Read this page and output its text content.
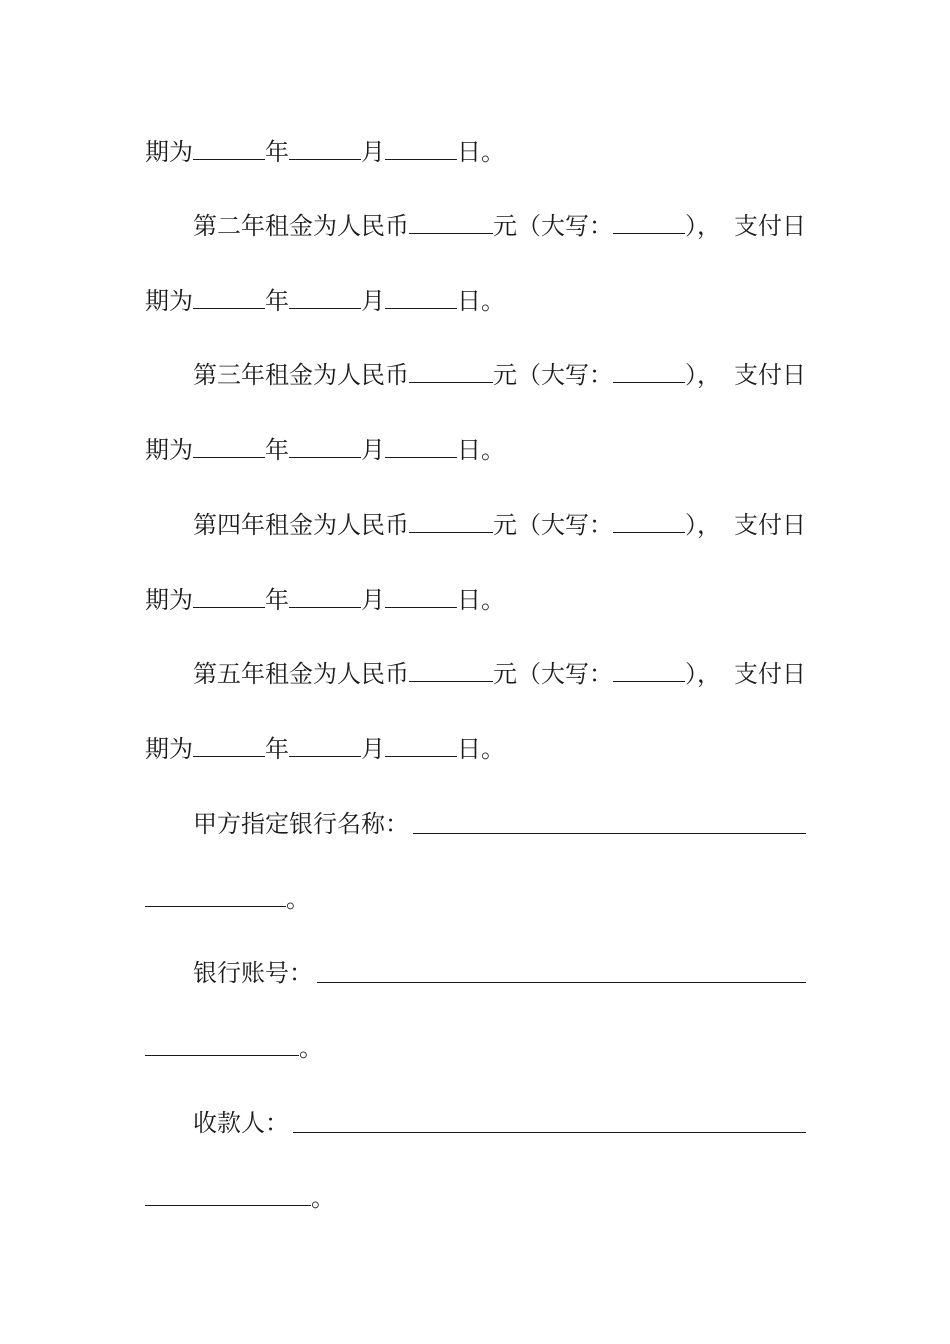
期为	年	月	日。
第二年租金为人民币	元（大写：	）， 支付日
期为	年	月	日。
第三年租金为人民币	元（大写：	）， 支付日
期为	年	月	日。
第四年租金为人民币	元（大写：	）， 支付日
期为	年	月	日。
第五年租金为人民币	元（大写：	）， 支付日
期为	年	月	日。
甲方指定银行名称：
。
银行账号：
。
收款人：
。
